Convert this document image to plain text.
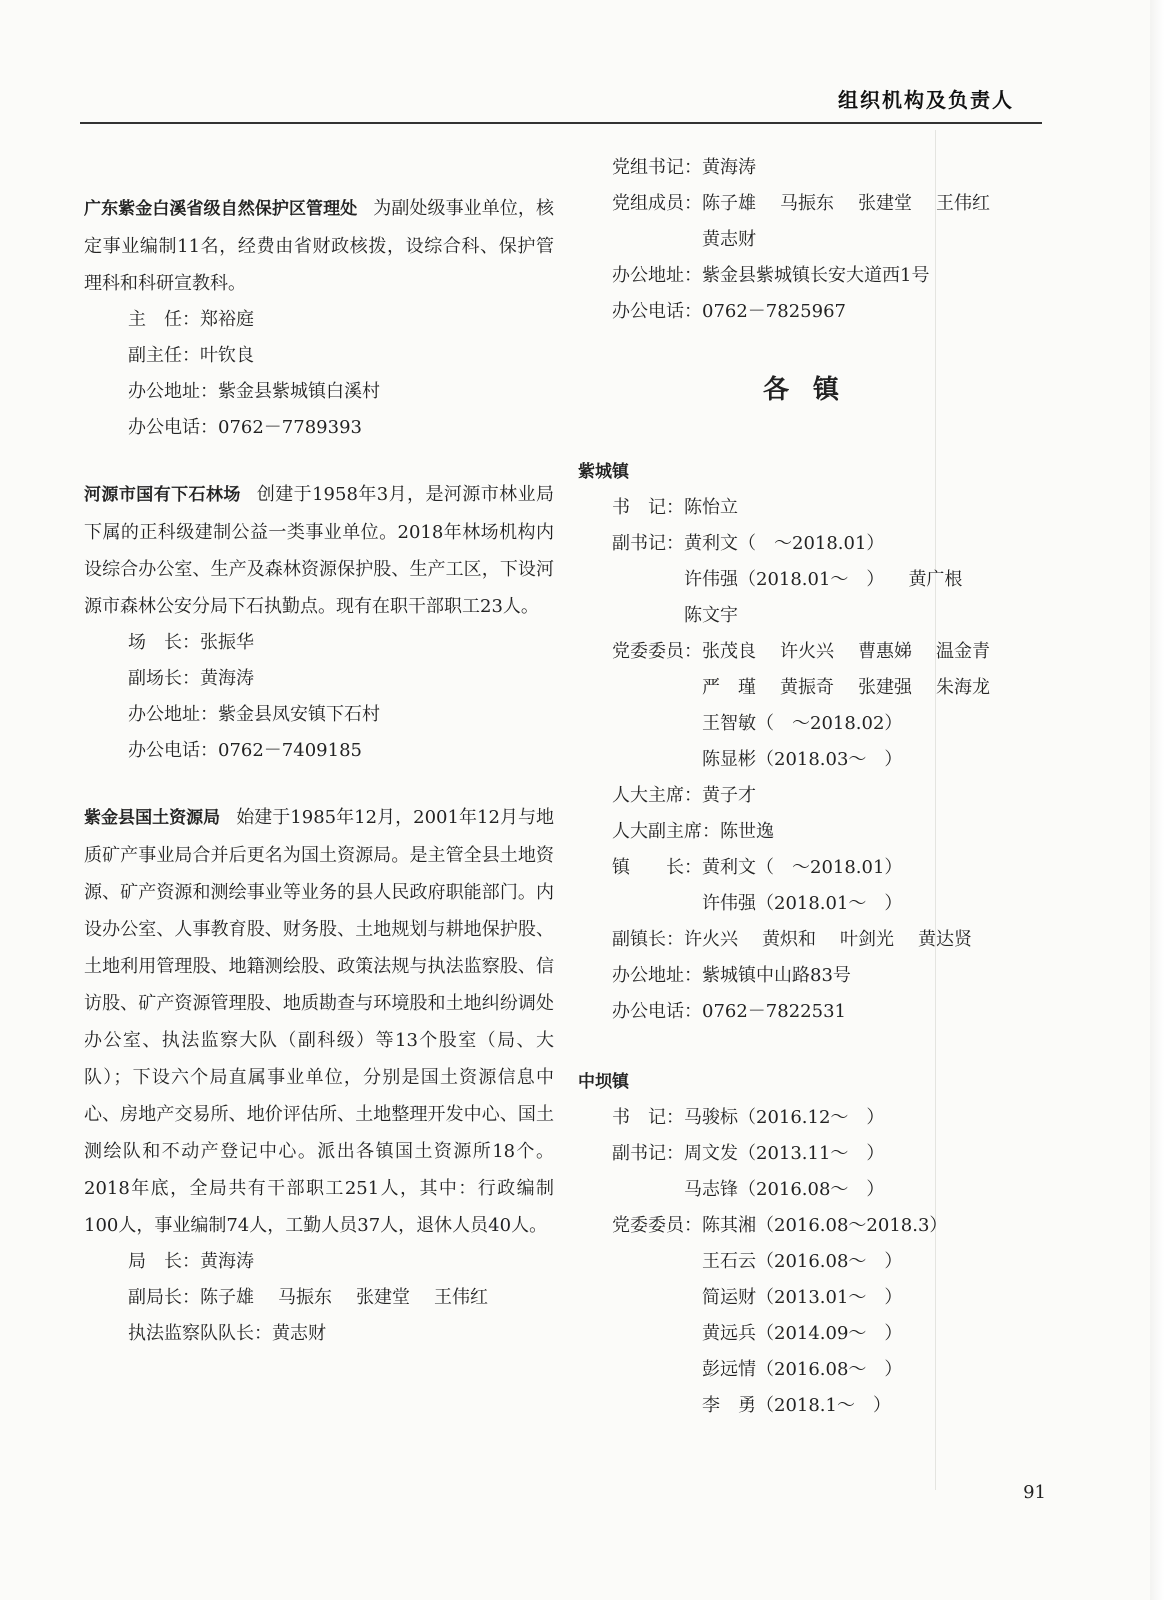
组织机构及负责人
广东紫金白溪省级自然保护区管理处 为副处级事业单位，核定事业编制11名，经费由省财政核拨，设综合科、保护管理科和科研宣教科。
主　任： 郑裕庭
副主任： 叶钦良
办公地址： 紫金县紫城镇白溪村
办公电话： 0762－7789393
河源市国有下石林场 创建于1958年3月，是河源市林业局下属的正科级建制公益一类事业单位。2018年林场机构内设综合办公室、生产及森林资源保护股、生产工区，下设河源市森林公安分局下石执勤点。现有在职干部职工23人。
场　长： 张振华
副场长： 黄海涛
办公地址： 紫金县凤安镇下石村
办公电话： 0762－7409185
紫金县国土资源局 始建于1985年12月，2001年12月与地质矿产事业局合并后更名为国土资源局。是主管全县土地资源、矿产资源和测绘事业等业务的县人民政府职能部门。内设办公室、人事教育股、财务股、土地规划与耕地保护股、土地利用管理股、地籍测绘股、政策法规与执法监察股、信访股、矿产资源管理股、地质勘查与环境股和土地纠纷调处办公室、执法监察大队（副科级）等13个股室（局、大队）；下设六个局直属事业单位，分别是国土资源信息中心、房地产交易所、地价评估所、土地整理开发中心、国土测绘队和不动产登记中心。派出各镇国土资源所18个。2018年底，全局共有干部职工251人，其中：行政编制100人，事业编制74人，工勤人员37人，退休人员40人。
局　长： 黄海涛
副局长： 陈子雄 马振东 张建堂 王伟红
执法监察队队长： 黄志财
党组书记： 黄海涛
党组成员： 陈子雄 马振东 张建堂 王伟红
黄志财
办公地址： 紫金县紫城镇长安大道西1号
办公电话： 0762－7825967
各镇
紫城镇
书　记： 陈怡立
副书记： 黄利文（　～2018.01）
许伟强（2018.01～　） 黄广根
陈文宇
党委委员： 张茂良 许火兴 曹惠娣 温金青
严　瑾 黄振奇 张建强 朱海龙
王智敏（　～2018.02）
陈显彬（2018.03～　）
人大主席： 黄子才
人大副主席： 陈世逸
镇　　长： 黄利文（　～2018.01）
许伟强（2018.01～　）
副镇长： 许火兴 黄炽和 叶剑光 黄达贤
办公地址： 紫城镇中山路83号
办公电话： 0762－7822531
中坝镇
书　记： 马骏标（2016.12～　）
副书记： 周文发（2013.11～　）
马志锋（2016.08～　）
党委委员： 陈其湘（2016.08～2018.3）
王石云（2016.08～　）
简运财（2013.01～　）
黄远兵（2014.09～　）
彭远情（2016.08～　）
李　勇（2018.1～　）
91
